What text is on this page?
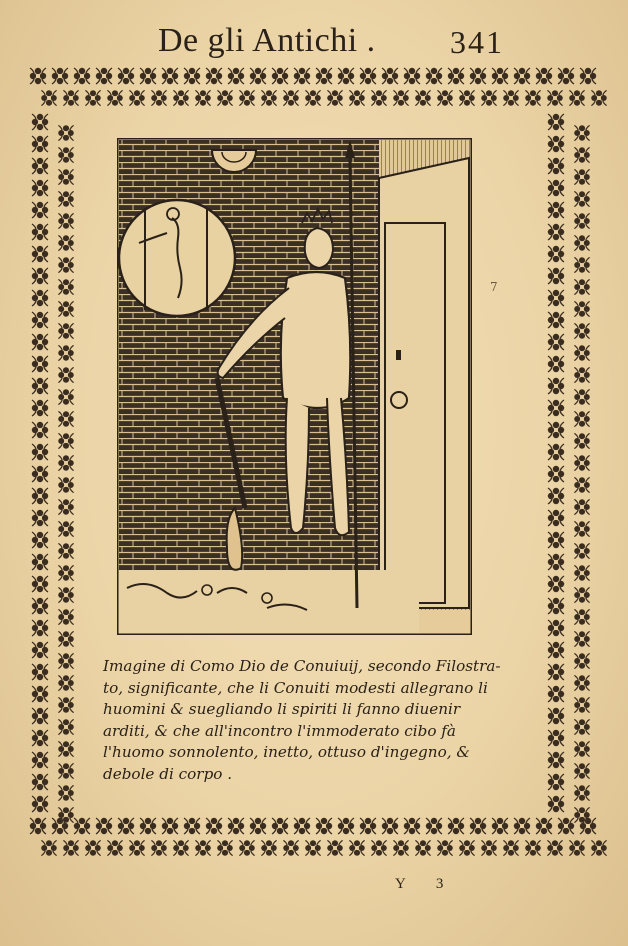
De gli Antichi . 341
7

Imagine di Como Dio de Conuiuij, secondo Filostra-

to, significante, che li Conuiti modesti allegrano li

huomini & suegliando li spiriti li fanno diuenir

arditi, & che all'incontro l'immoderato cibo fà

l'huomo sonnolento, inetto, ottuso d'ingegno, &

debole di corpo .

Y 3
